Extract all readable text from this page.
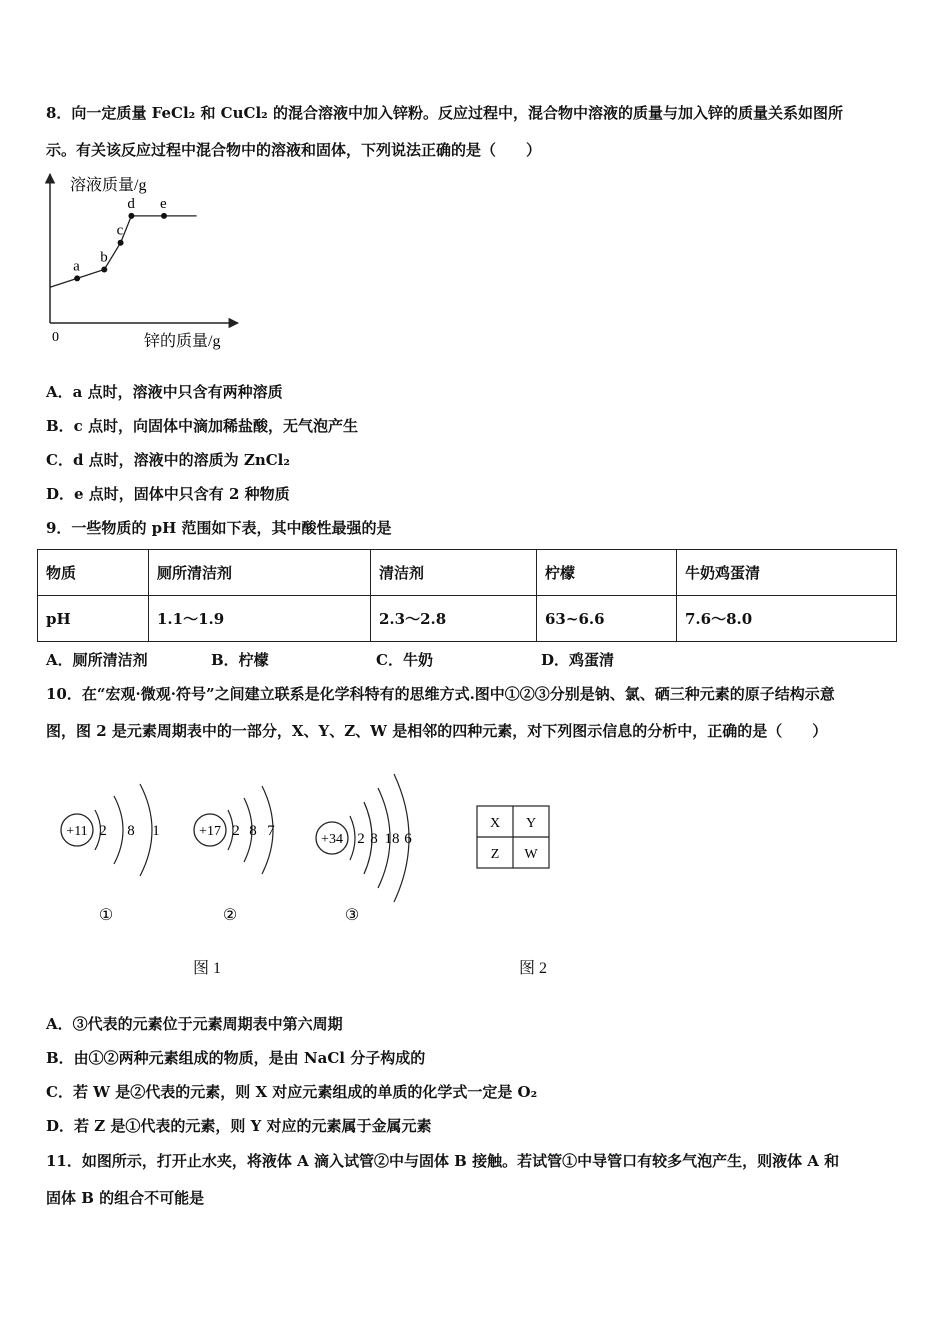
8．向一定质量 FeCl₂ 和 CuCl₂ 的混合溶液中加入锌粉。反应过程中，混合物中溶液的质量与加入锌的质量关系如图所
示。有关该反应过程中混合物中的溶液和固体，下列说法正确的是（　　）
溶液质量/g
锌的质量/g
0
a
b
c
d e
A．a 点时，溶液中只含有两种溶质
B．c 点时，向固体中滴加稀盐酸，无气泡产生
C．d 点时，溶液中的溶质为 ZnCl₂
D．e 点时，固体中只含有 2 种物质
9．一些物质的 pH 范围如下表，其中酸性最强的是
物质	厕所清洁剂	清洁剂	柠檬	牛奶鸡蛋清
pH	1.1～1.9	2.3～2.8	63~6.6	7.6～8.0
A．厕所清洁剂	B．柠檬	C．牛奶	D．鸡蛋清
10．在“宏观·微观·符号”之间建立联系是化学科特有的思维方式.图中①②③分别是钠、氯、硒三种元素的原子结构示意
图，图 2 是元素周期表中的一部分，X、Y、Z、W 是相邻的四种元素，对下列图示信息的分析中，正确的是（　　）
+11 2 8 1
①
+17 2 8 7
②
+34 2 8 18 6
③
X Y
Z W
图 1	图 2
A．③代表的元素位于元素周期表中第六周期
B．由①②两种元素组成的物质，是由 NaCl 分子构成的
C．若 W 是②代表的元素，则 X 对应元素组成的单质的化学式一定是 O₂
D．若 Z 是①代表的元素，则 Y 对应的元素属于金属元素
11．如图所示，打开止水夹，将液体 A 滴入试管②中与固体 B 接触。若试管①中导管口有较多气泡产生，则液体 A 和
固体 B 的组合不可能是
